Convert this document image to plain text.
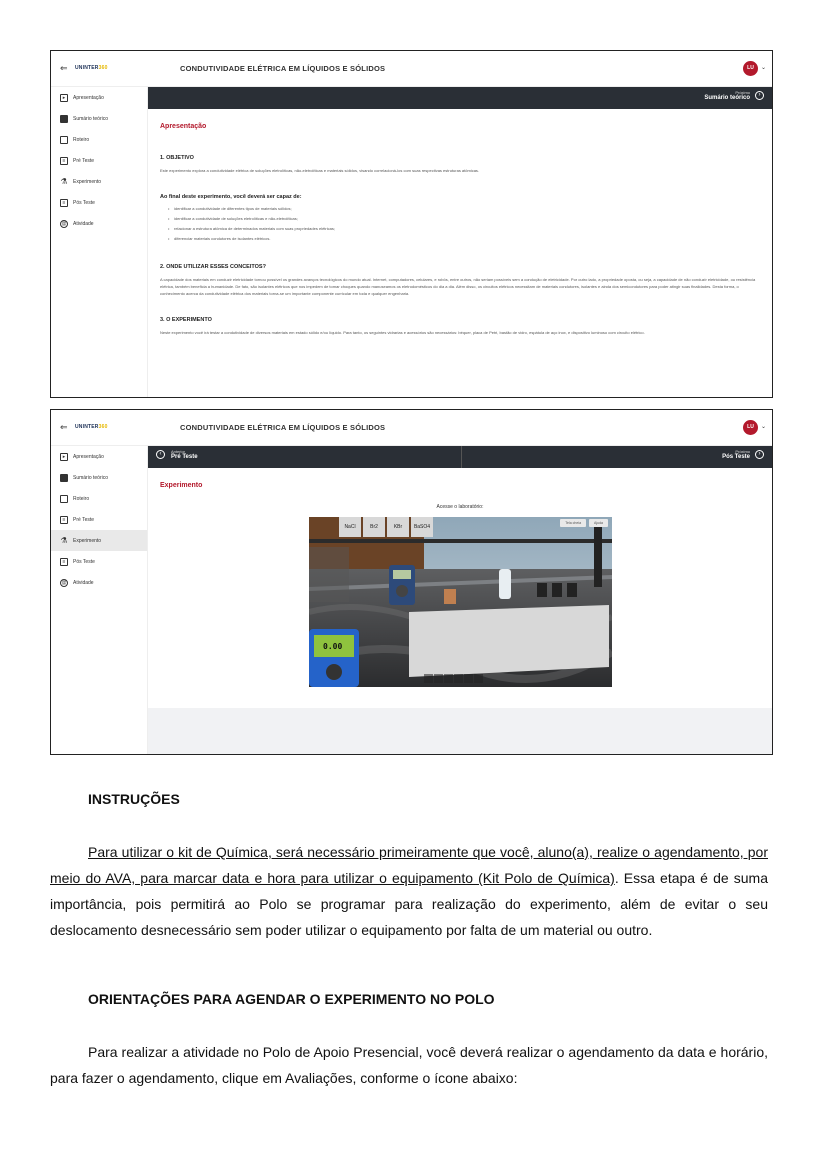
⇐ UNINTER360	CONDUTIVIDADE ELÉTRICA EM LÍQUIDOS E SÓLIDOS	LU	⌄
▸	Apresentação
Sumário teórico
Roteiro
≡	Pré Teste
⚗ Experimento
≡	Pós Teste
@ Atividade
Próximo
Sumário teórico	›
Apresentação
1. OBJETIVO
Este experimento explora a condutividade elétrica de soluções eletrolíticas, não-eletrolíticas e materiais sólidos, visando correlacioná-los com suas respectivas estruturas atômicas.
Ao final deste experimento, você deverá ser capaz de:
• identificar a condutividade de diferentes tipos de materiais sólidos;
• identificar a condutividade de soluções eletrolíticas e não-eletrolíticas;
• relacionar a estrutura atômica de determinados materiais com suas propriedades elétricas;
• diferenciar materiais condutores de isolantes elétricos.
2. ONDE UTILIZAR ESSES CONCEITOS?
A capacidade dos materiais em conduzir eletricidade tornou possível os grandes avanços tecnológicos do mundo atual. Internet, computadores, celulares, e robôs, entre outros, não seriam possíveis sem a condução de eletricidade. Por outro lado, a propriedade oposta, ou seja, a capacidade de não conduzir eletricidade, ou resistência elétrica, também beneficia a humanidade. De fato, são isolantes elétricos que nos impedem de tomar choques quando manuseamos os eletrodomésticos do dia a dia. Além disso, os circuitos elétricos necessitam de materiais condutores, isolantes e ainda dos semicondutores para poder atingir suas finalidades. Desta forma, o conhecimento acerca da condutividade elétrica dos materiais torna-se um importante componente curricular em toda e qualquer engenharia.
3. O EXPERIMENTO
Neste experimento você irá testar a condutividade de diversos materiais em estado sólido e/ou líquido. Para tanto, os seguintes vidrarias e acessórios são necessários: béquer, placa de Petri, bastão de vidro, espátula de aço inox, e dispositivo luminoso com circuito elétrico.
⇐ UNINTER360	CONDUTIVIDADE ELÉTRICA EM LÍQUIDOS E SÓLIDOS	LU	⌄
▸	Apresentação
Sumário teórico
Roteiro
≡	Pré Teste
⚗ Experimento
≡	Pós Teste
@ Atividade
‹	Anterior
Pré Teste
Próximo
Pós Teste	›
Experimento
Acesse o laboratório:
NaCl	Br2	KBr	BaSO4
0.00
Tela cheia	Ajuda
INSTRUÇÕES
Para utilizar o kit de Química, será necessário primeiramente que você, aluno(a), realize o agendamento, por meio do AVA, para marcar data e hora para utilizar o equipamento (Kit Polo de Química). Essa etapa é de suma importância, pois permitirá ao Polo se programar para realização do experimento, além de evitar o seu deslocamento desnecessário sem poder utilizar o equipamento por falta de um material ou outro.
ORIENTAÇÕES PARA AGENDAR O EXPERIMENTO NO POLO
Para realizar a atividade no Polo de Apoio Presencial, você deverá realizar o agendamento da data e horário, para fazer o agendamento, clique em Avaliações, conforme o ícone abaixo:
